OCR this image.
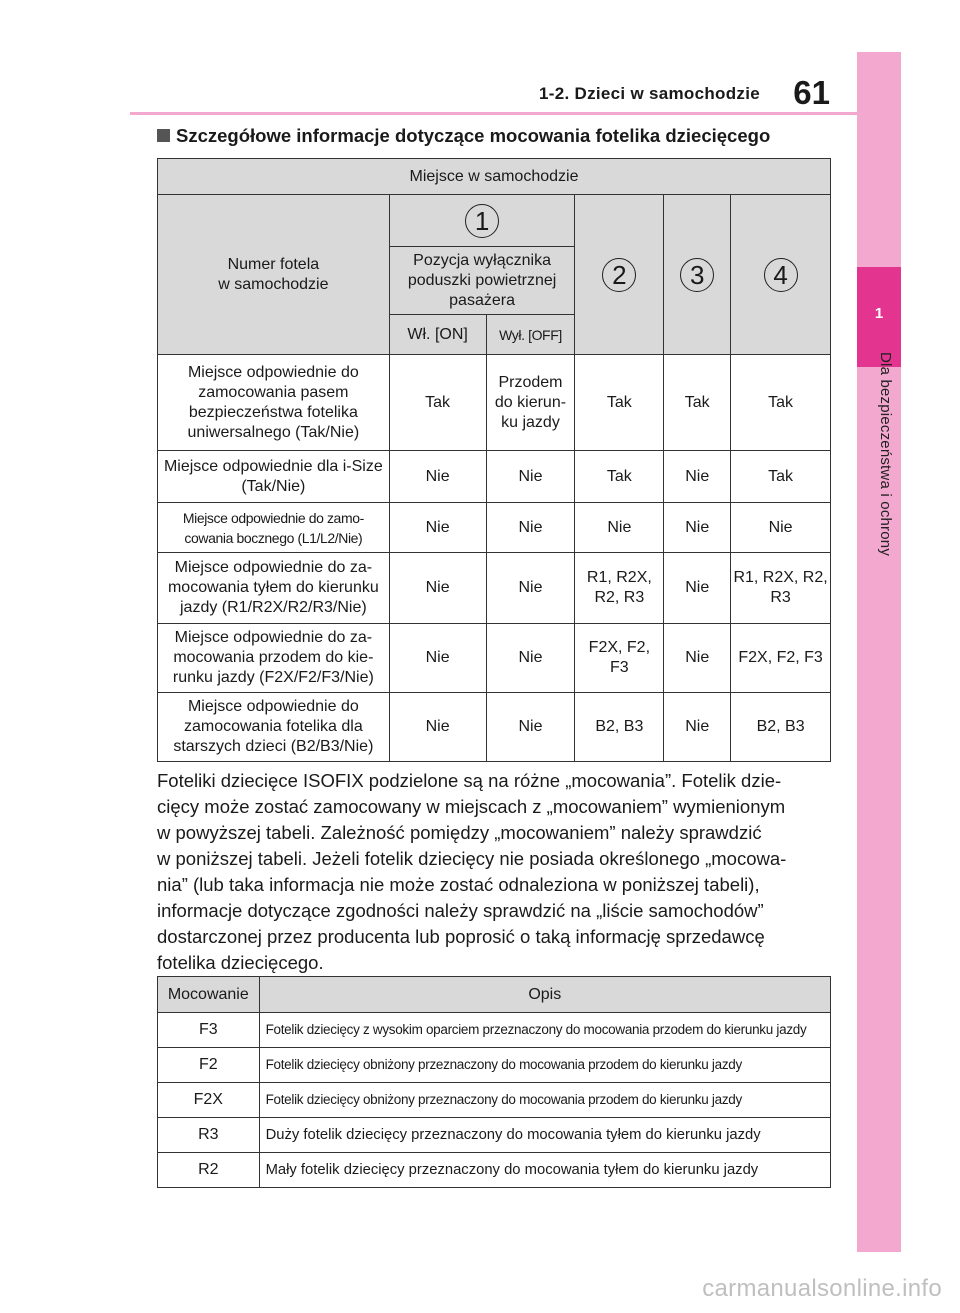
1-2. Dzieci w samochodzie 61
1
Dla bezpieczeństwa i ochrony
Szczegółowe informacje dotyczące mocowania fotelika dziecięcego
Miejsce w samochodzie					
Numer fotela
w samochodzie	1		2	3	4
	Pozycja wyłącznika poduszki powietrznej pasażera				
	Wł. [ON]	Wył. [OFF]			
Miejsce odpowiednie do zamocowania pasem bezpieczeństwa fotelika uniwersalnego (Tak/Nie)	Tak	Przodem do kierun-ku jazdy	Tak	Tak	Tak
Miejsce odpowiednie dla i-Size (Tak/Nie)	Nie	Nie	Tak	Nie	Tak
Miejsce odpowiednie do zamo-cowania bocznego (L1/L2/Nie)	Nie	Nie	Nie	Nie	Nie
Miejsce odpowiednie do za-mocowania tyłem do kierunku jazdy (R1/R2X/R2/R3/Nie)	Nie	Nie	R1, R2X, R2, R3	Nie	R1, R2X, R2, R3
Miejsce odpowiednie do za-mocowania przodem do kie-runku jazdy (F2X/F2/F3/Nie)	Nie	Nie	F2X, F2, F3	Nie	F2X, F2, F3
Miejsce odpowiednie do zamocowania fotelika dla starszych dzieci (B2/B3/Nie)	Nie	Nie	B2, B3	Nie	B2, B3
Foteliki dziecięce ISOFIX podzielone są na różne „mocowania”. Fotelik dzie-
cięcy może zostać zamocowany w miejscach z „mocowaniem” wymienionym
w powyższej tabeli. Zależność pomiędzy „mocowaniem” należy sprawdzić
w poniższej tabeli. Jeżeli fotelik dziecięcy nie posiada określonego „mocowa-
nia” (lub taka informacja nie może zostać odnaleziona w poniższej tabeli),
informacje dotyczące zgodności należy sprawdzić na „liście samochodów”
dostarczonej przez producenta lub poprosić o taką informację sprzedawcę
fotelika dziecięcego.
Mocowanie	Opis
F3	Fotelik dziecięcy z wysokim oparciem przeznaczony do mocowania przodem do kierunku jazdy
F2	Fotelik dziecięcy obniżony przeznaczony do mocowania przodem do kierunku jazdy
F2X	Fotelik dziecięcy obniżony przeznaczony do mocowania przodem do kierunku jazdy
R3	Duży fotelik dziecięcy przeznaczony do mocowania tyłem do kierunku jazdy
R2	Mały fotelik dziecięcy przeznaczony do mocowania tyłem do kierunku jazdy
carmanualsonline.info
